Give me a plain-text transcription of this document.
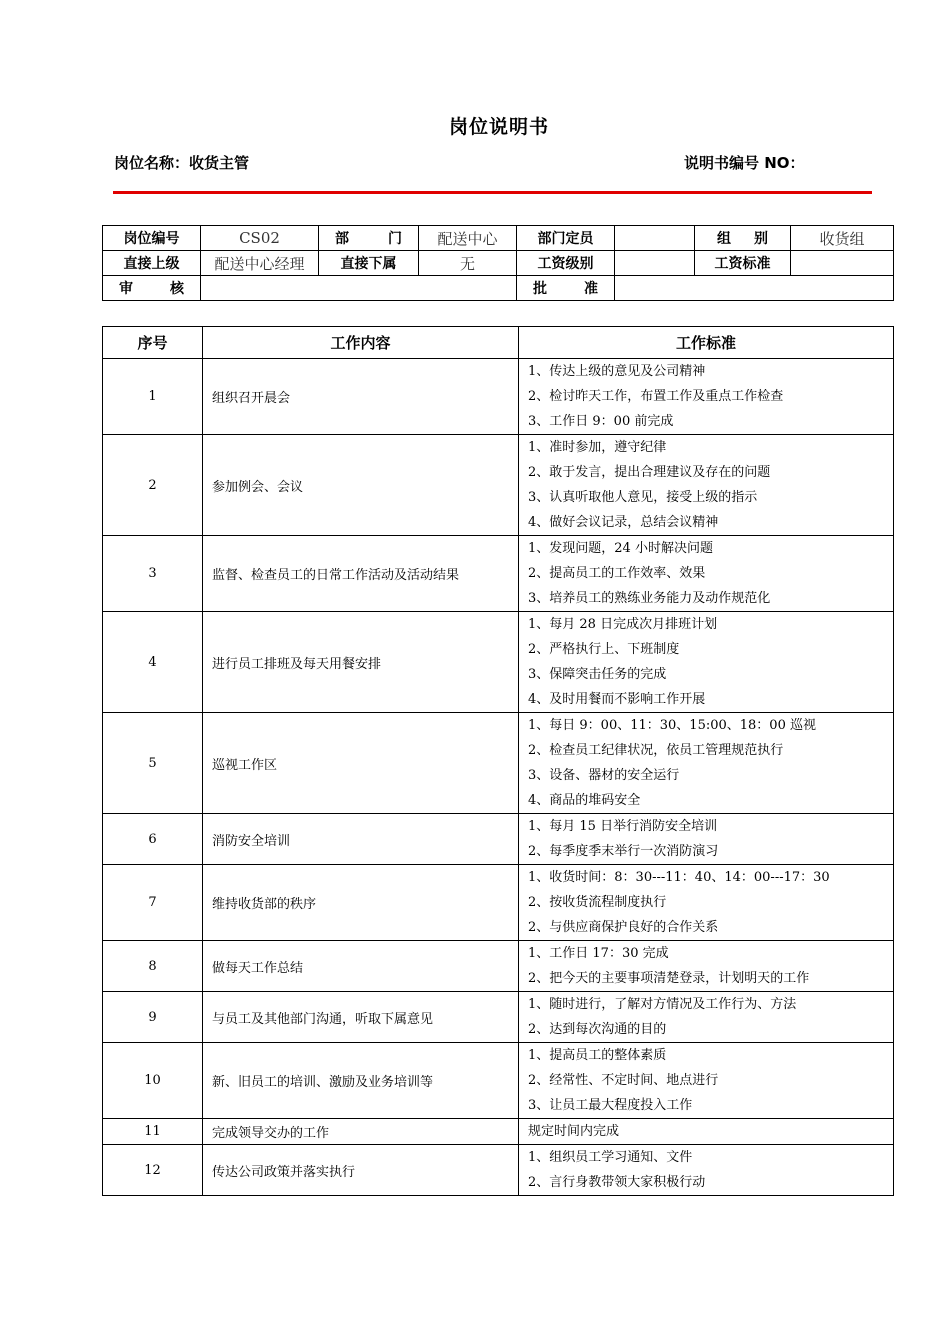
岗位说明书
岗位名称：收货主管	说明书编号 NO：
岗位编号	CS02	部 门	配送中心	部门定员		组 别	收货组
直接上级	配送中心经理	直接下属	无	工资级别		工资标准	

审 核				批 准			

序号	工作内容	工作标准
1	组织召开晨会	1、传达上级的意见及公司精神
2、检讨昨天工作，布置工作及重点工作检查
3、工作日 9：00 前完成

2	参加例会、会议	1、准时参加，遵守纪律
2、敢于发言，提出合理建议及存在的问题
3、认真听取他人意见，接受上级的指示
4、做好会议记录，总结会议精神

3	监督、检查员工的日常工作活动及活动结果	1、发现问题，24 小时解决问题
2、提高员工的工作效率、效果
3、培养员工的熟练业务能力及动作规范化

4	进行员工排班及每天用餐安排	1、每月 28 日完成次月排班计划
2、严格执行上、下班制度
3、保障突击任务的完成
4、及时用餐而不影响工作开展

5	巡视工作区	1、每日 9：00、11：30、15:00、18：00 巡视
2、检查员工纪律状况，依员工管理规范执行
3、设备、器材的安全运行
4、商品的堆码安全

6	消防安全培训	1、每月 15 日举行消防安全培训
2、每季度季末举行一次消防演习

7	维持收货部的秩序	1、收货时间：8：30---11：40、14：00---17：30
2、按收货流程制度执行
2、与供应商保护良好的合作关系

8	做每天工作总结	1、工作日 17：30 完成
2、把今天的主要事项清楚登录，计划明天的工作

9	与员工及其他部门沟通，听取下属意见	1、随时进行，了解对方情况及工作行为、方法
2、达到每次沟通的目的

10	新、旧员工的培训、激励及业务培训等	1、提高员工的整体素质
2、经常性、不定时间、地点进行
3、让员工最大程度投入工作

11	完成领导交办的工作	规定时间内完成

12	传达公司政策并落实执行	1、组织员工学习通知、文件
2、言行身教带领大家积极行动
